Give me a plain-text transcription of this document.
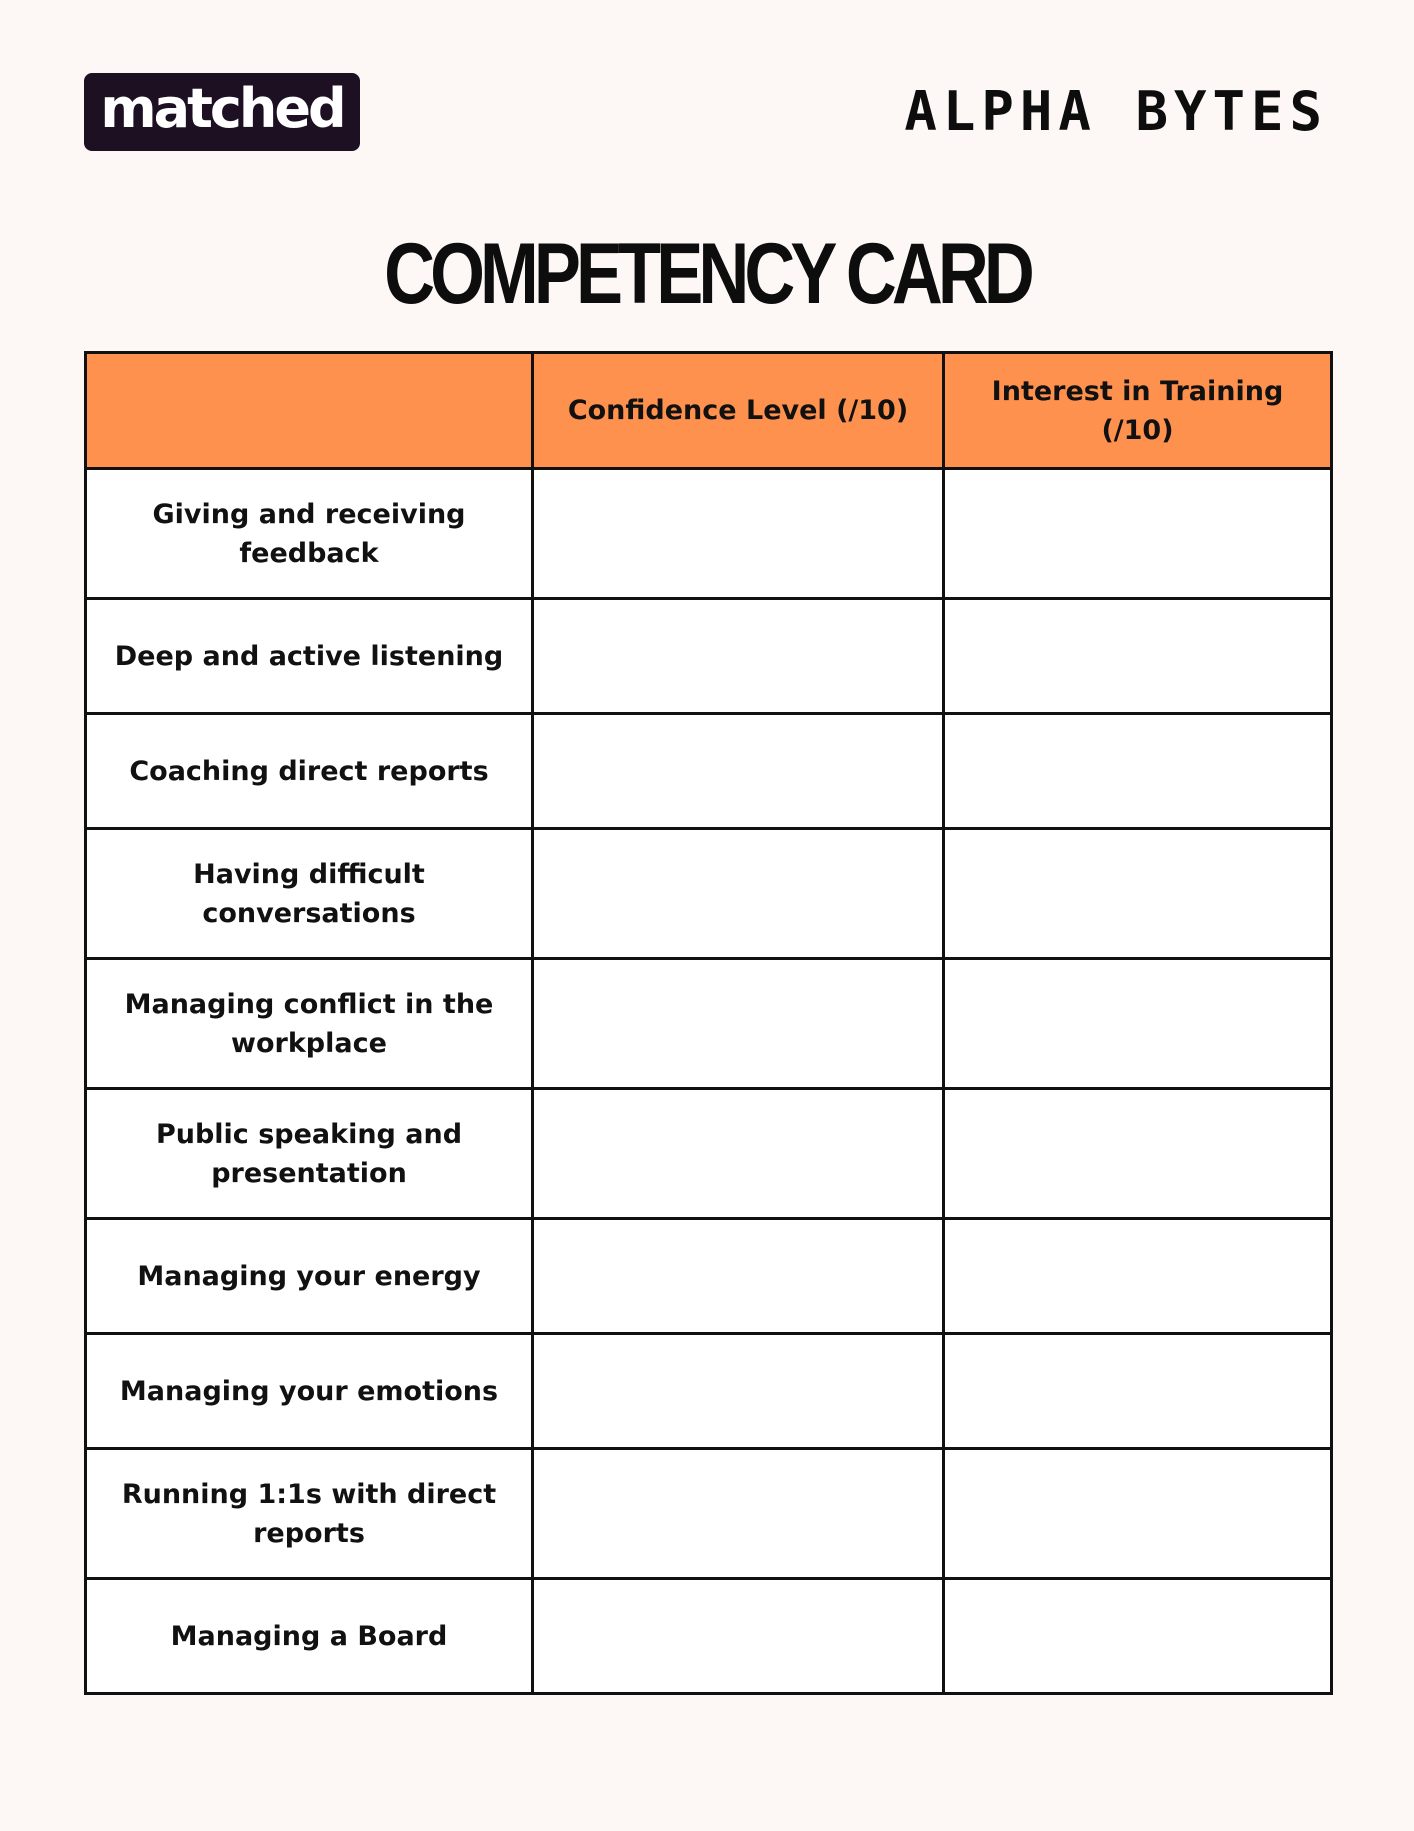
matched	ALPHA BYTES
COMPETENCY CARD
	Confidence Level (/10)	Interest in Training (/10)
Giving and receiving feedback		
Deep and active listening		
Coaching direct reports		
Having difficult conversations		
Managing conflict in the workplace		
Public speaking and presentation		
Managing your energy		
Managing your emotions		
Running 1:1s with direct reports		
Managing a Board		
